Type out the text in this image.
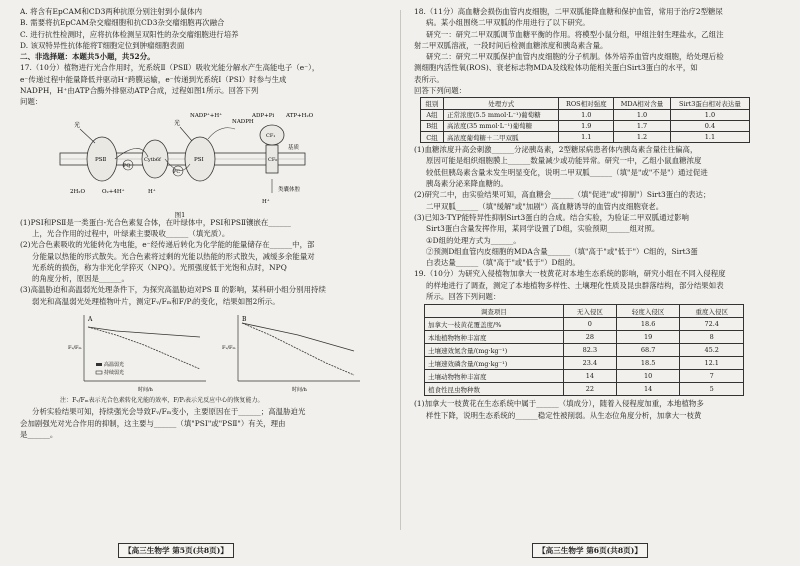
A. 将含有EpCAM和CD3两种抗原分别注射到小鼠体内
B. 需要将抗EpCAM杂交瘤细胞和抗CD3杂交瘤细胞再次融合
C. 进行抗性检测时，应将抗体检测呈双阳性的杂交瘤细胞进行培养
D. 该双特异性抗体能将T细胞定位到肿瘤细胞表面
二、非选择题：本题共5小题，共52分。
17.（10分）植物进行光合作用时，光系统Ⅱ（PSⅡ）吸收光能分解水产生高能电子（e⁻），
e⁻传递过程中能量降低并驱动H⁺跨膜运输，e⁻传递到光系统Ⅰ（PSⅠ）时参与生成
NADPH，H⁺由ATP合酶外排驱动ATP合成，过程如图1所示。回答下列
问题：
光	光
PSⅡ
PQ
Cytb6f
PC
PSⅠ
NADP⁺+H⁺
NADPH
ADP+Pi ATP+H₂O
CF₀
CF₁
基质
类囊体腔
2H₂O	O₂+4H⁺	H⁺
H⁺
图1
(1)PSⅠ和PSⅡ是一类蛋白-光合色素复合体，在叶绿体中，PSⅠ和PSⅡ镶嵌在______
上，光合作用的过程中，叶绿素主要吸收______（填光质）。
(2)光合色素吸收的光能转化为电能，e⁻经传递后转化为化学能的能量储存在______中，部
分能量以热能的形式散失。光合色素将过剩的光能以热能的形式散失，减缓多余能量对
光系统的损伤，称为非光化学猝灭（NPQ）。光照强度低于光饱和点时，NPQ
的角度分析，原因是______。
(3)高温胁迫和高温弱光处理条件下，为探究高温胁迫对PS Ⅱ 的影响，某科研小组分别用持续
弱光和高温弱光处理植物叶片，测定Fᵥ/Fₘ和F/Pᵢ的变化，结果如图2所示。
A
Fᵥ/Fₘ
时间/h
高温弱光
持续弱光
B
Fᵥ/Fₘ
时间/h
注：Fᵥ/Fₘ表示光合色素转化光能的效率，F/Pᵢ表示光反应中心的恢复能力。
分析实验结果可知，持续强光会导致Fᵥ/Fₘ变小，主要原因在于______；高温胁迫光
会加剧强光对光合作用的抑制，这主要与______（填"PSⅠ"或"PSⅡ"）有关，理由
是______。
【高三生物学 第5页(共8页)】
18.（11分）高血糖会损伤血管内皮细胞，二甲双胍能降血糖和保护血管，常用于治疗2型糖尿
病。某小组围绕二甲双胍的作用进行了以下研究。
研究一：研究二甲双胍调节血糖平衡的作用。将模型小鼠分组，甲组注射生理盐水，乙组注
射二甲双胍溶液，一段时间后检测血糖浓度和胰岛素含量。
研究二：研究二甲双胍保护血管内皮细胞的分子机制。体外培养血管内皮细胞，给处理后检
测细胞内活性氧(ROS)、衰老标志物MDA及线粒体功能相关蛋白Sirt3蛋白的水平，如
表所示。
回答下列问题：
组别	处理方式	ROS相对强度	MDA相对含量	Sirt3蛋白相对表达量
A组	正常浓度(5.5 mmol·L⁻¹)葡萄糖	1.0	1.0	1.0
B组	高浓度(35 mmol·L⁻¹)葡萄糖	1.9	1.7	0.4
C组	高浓度葡萄糖＋二甲双胍	1.1	1.2	1.1
(1)血糖浓度升高会刺激______分泌胰岛素，2型糖尿病患者体内胰岛素含量往往偏高，
原因可能是组织细胞膜上______数量减少或功能异常。研究一中，乙组小鼠血糖浓度
较低但胰岛素含量未发生明显变化，说明二甲双胍______（填"是"或"不是"）通过促进
胰岛素分泌来降血糖的。
(2)研究二中，由实验结果可知，高血糖会______（填"促进"或"抑制"）Sirt3蛋白的表达；
二甲双胍______（填"缓解"或"加剧"）高血糖诱导的血管内皮细胞衰老。
(3)已知3-TYP能特异性抑制Sirt3蛋白的合成。结合实验，为验证二甲双胍通过影响
Sirt3蛋白含量发挥作用，某同学设置了D组，实验预期______组对照。
①D组的处理方式为______。
②预测D组血管内皮细胞的MDA含量______（填"高于"或"低于"）C组的，Sirt3蛋
白表达量______（填"高于"或"低于"）D组的。
19.（10分）为研究入侵植物加拿大一枝黄花对本地生态系统的影响，研究小组在不同入侵程度
的样地进行了调查，测定了本地植物多样性、土壤理化性质及昆虫群落结构，部分结果如表
所示。回答下列问题：
调查项目	无入侵区	轻度入侵区	重度入侵区
加拿大一枝黄花覆盖度/%	0	18.6	72.4
本地植物物种丰富度	28	19	8
土壤速效氮含量/(mg·kg⁻¹)	82.3	68.7	45.2
土壤速效磷含量/(mg·kg⁻¹)	23.4	18.5	12.1
土壤动物物种丰富度	14	10	7
植食性昆虫物种数	22	14	5
(1)加拿大一枝黄花在生态系统中属于______（填成分），随着入侵程度加重，本地植物多
样性下降，说明生态系统的______稳定性被削弱。从生态位角度分析，加拿大一枝黄
【高三生物学 第6页(共8页)】
